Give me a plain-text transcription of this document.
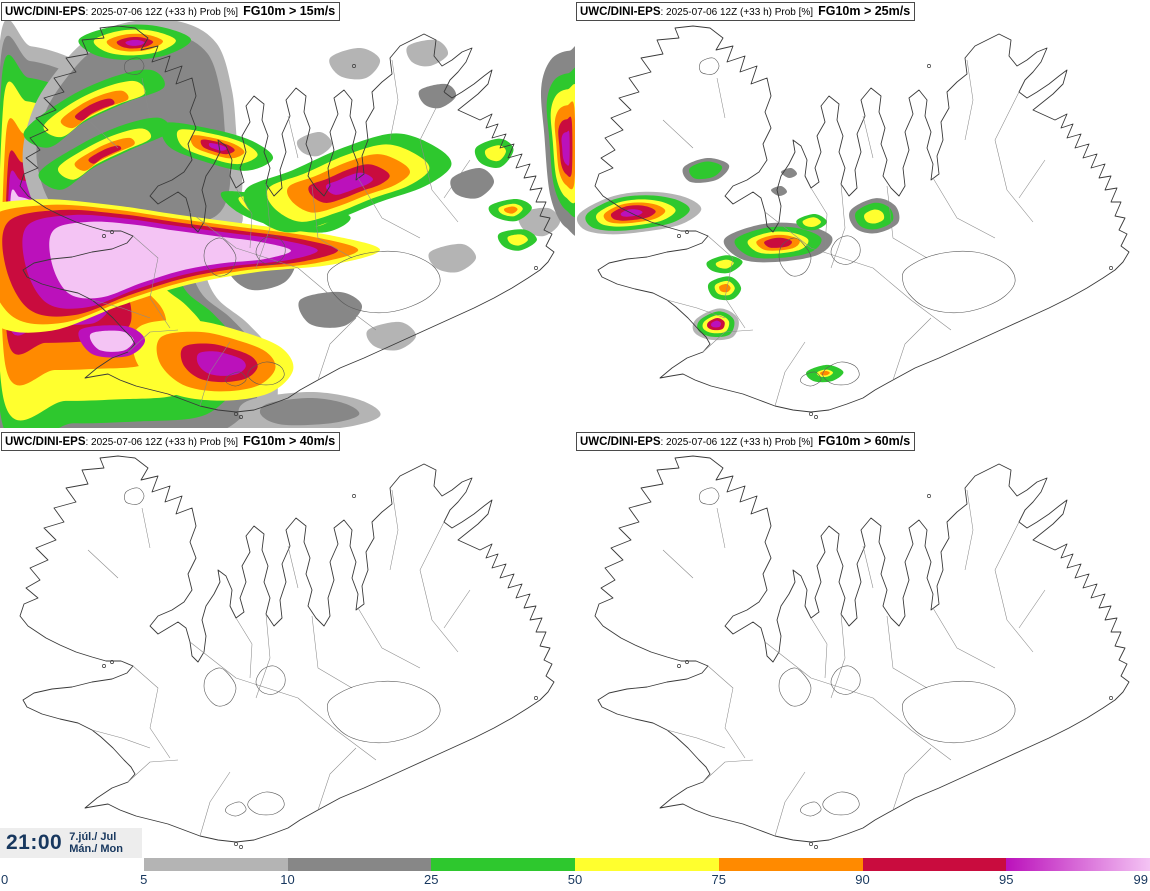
UWC/DINI-EPS : 2025-07-06 12Z (+33 h) Prob [%] FG10m > 15m/s	UWC/DINI-EPS : 2025-07-06 12Z (+33 h) Prob [%] FG10m > 25m/s
UWC/DINI-EPS : 2025-07-06 12Z (+33 h) Prob [%] FG10m > 40m/s	UWC/DINI-EPS : 2025-07-06 12Z (+33 h) Prob [%] FG10m > 60m/s
21:00 7.júl./ Jul
Mán./ Mon
0	5	10	25	50	75	90	95	99
